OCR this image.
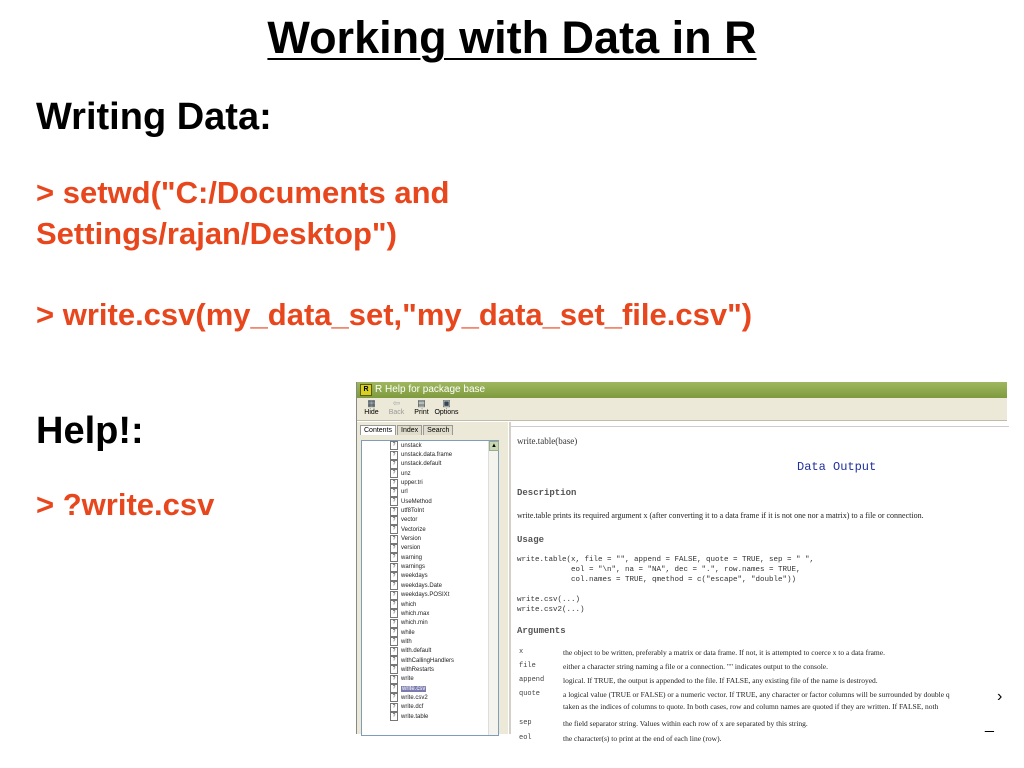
Working with Data in R
Writing Data:
> setwd("C:/Documents and
Settings/rajan/Desktop")
> write.csv(my_data_set,"my_data_set_file.csv")
Help!:
> ?write.csv
R R Help for package base
▦
Hide
⇦
Back
▤
Print
▣
Options
Contents	Index	Search
? unstack
? unstack.data.frame
? unstack.default
? unz
? upper.tri
? url
? UseMethod
? utf8ToInt
? vector
? Vectorize
? Version
? version
? warning
? warnings
? weekdays
? weekdays.Date
? weekdays.POSIXt
? which
? which.max
? which.min
? while
? with
? with.default
? withCallingHandlers
? withRestarts
? write
?	write.csv
? write.csv2
? write.dcf
? write.table
▲ write.table(base)
Data Output
Description
write.table prints its required argument x (after converting it to a data frame if it is not one nor a matrix) to a file or connection.
Usage
write.table(x, file = "", append = FALSE, quote = TRUE, sep = " ",
eol = "\n", na = "NA", dec = ".", row.names = TRUE,
col.names = TRUE, qmethod = c("escape", "double"))

write.csv(...)
write.csv2(...)
Arguments
x	the object to be written, preferably a matrix or data frame. If not, it is attempted to coerce x to a data frame.
file	either a character string naming a file or a connection. "" indicates output to the console.
append	logical. If TRUE, the output is appended to the file. If FALSE, any existing file of the name is destroyed.
quote	a logical value (TRUE or FALSE) or a numeric vector. If TRUE, any character or factor columns will be surrounded by double q
taken as the indices of columns to quote. In both cases, row and column names are quoted if they are written. If FALSE, noth
sep	the field separator string. Values within each row of x are separated by this string.
eol	the character(s) to print at the end of each line (row).
›
_
